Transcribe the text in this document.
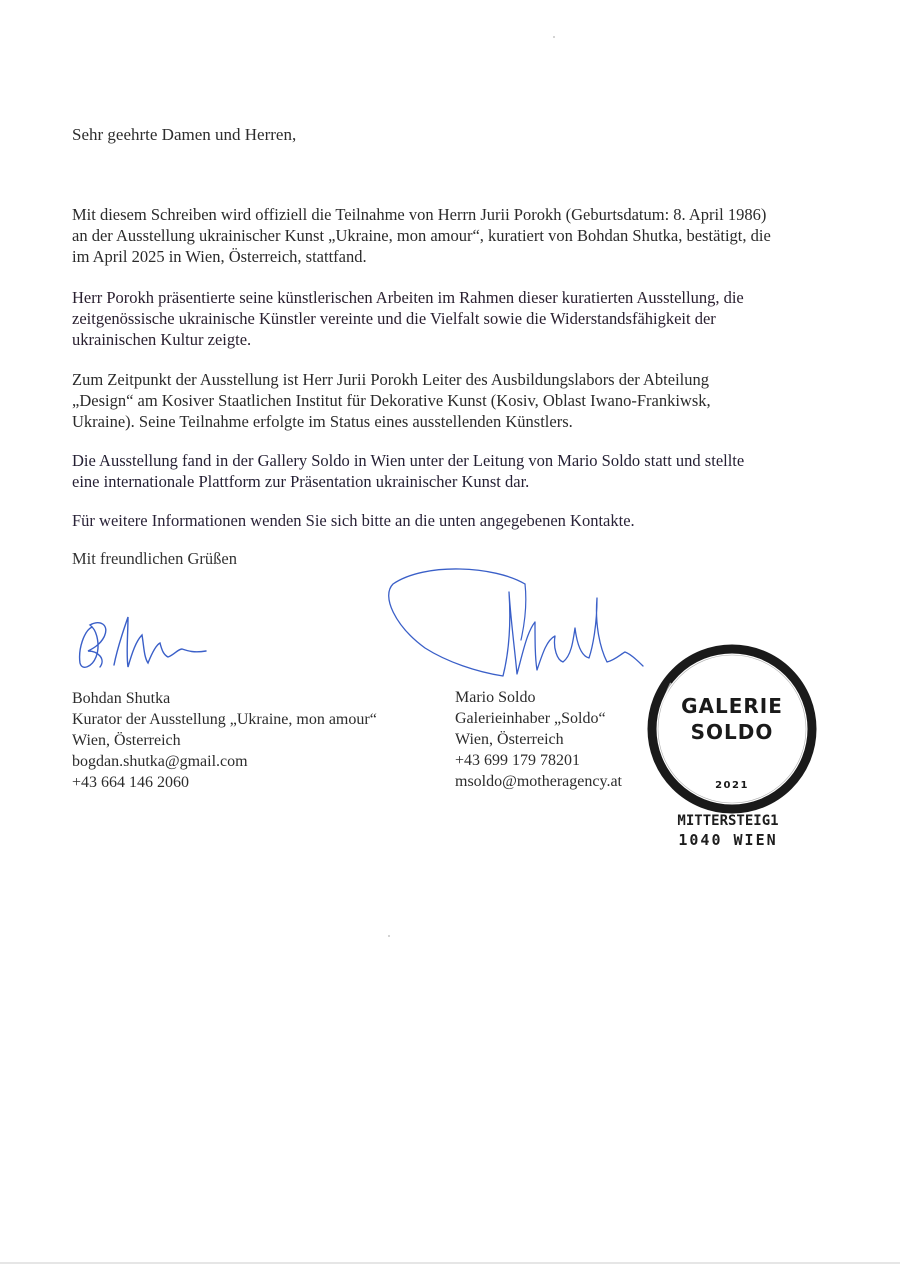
Sehr geehrte Damen und Herren,

Mit diesem Schreiben wird offiziell die Teilnahme von Herrn Jurii Porokh (Geburtsdatum: 8. April 1986) an der Ausstellung ukrainischer Kunst „Ukraine, mon amour“, kuratiert von Bohdan Shutka, bestätigt, die im April 2025 in Wien, Österreich, stattfand.

Herr Porokh präsentierte seine künstlerischen Arbeiten im Rahmen dieser kuratierten Ausstellung, die zeitgenössische ukrainische Künstler vereinte und die Vielfalt sowie die Widerstandsfähigkeit der ukrainischen Kultur zeigte.

Zum Zeitpunkt der Ausstellung ist Herr Jurii Porokh Leiter des Ausbildungslabors der Abteilung „Design“ am Kosiver Staatlichen Institut für Dekorative Kunst (Kosiv, Oblast Iwano-Frankiwsk, Ukraine). Seine Teilnahme erfolgte im Status eines ausstellenden Künstlers.

Die Ausstellung fand in der Gallery Soldo in Wien unter der Leitung von Mario Soldo statt und stellte eine internationale Plattform zur Präsentation ukrainischer Kunst dar.

Für weitere Informationen wenden Sie sich bitte an die unten angegebenen Kontakte.

Mit freundlichen Grüßen
Bohdan Shutka
Kurator der Ausstellung „Ukraine, mon amour“
Wien, Österreich
bogdan.shutka@gmail.com
+43 664 146 2060
Mario Soldo
Galerieinhaber „Soldo“
Wien, Österreich
+43 699 179 78201
msoldo@motheragency.at
GALERIE
SOLDO
2021
MITTERSTEIG1
1040 WIEN
